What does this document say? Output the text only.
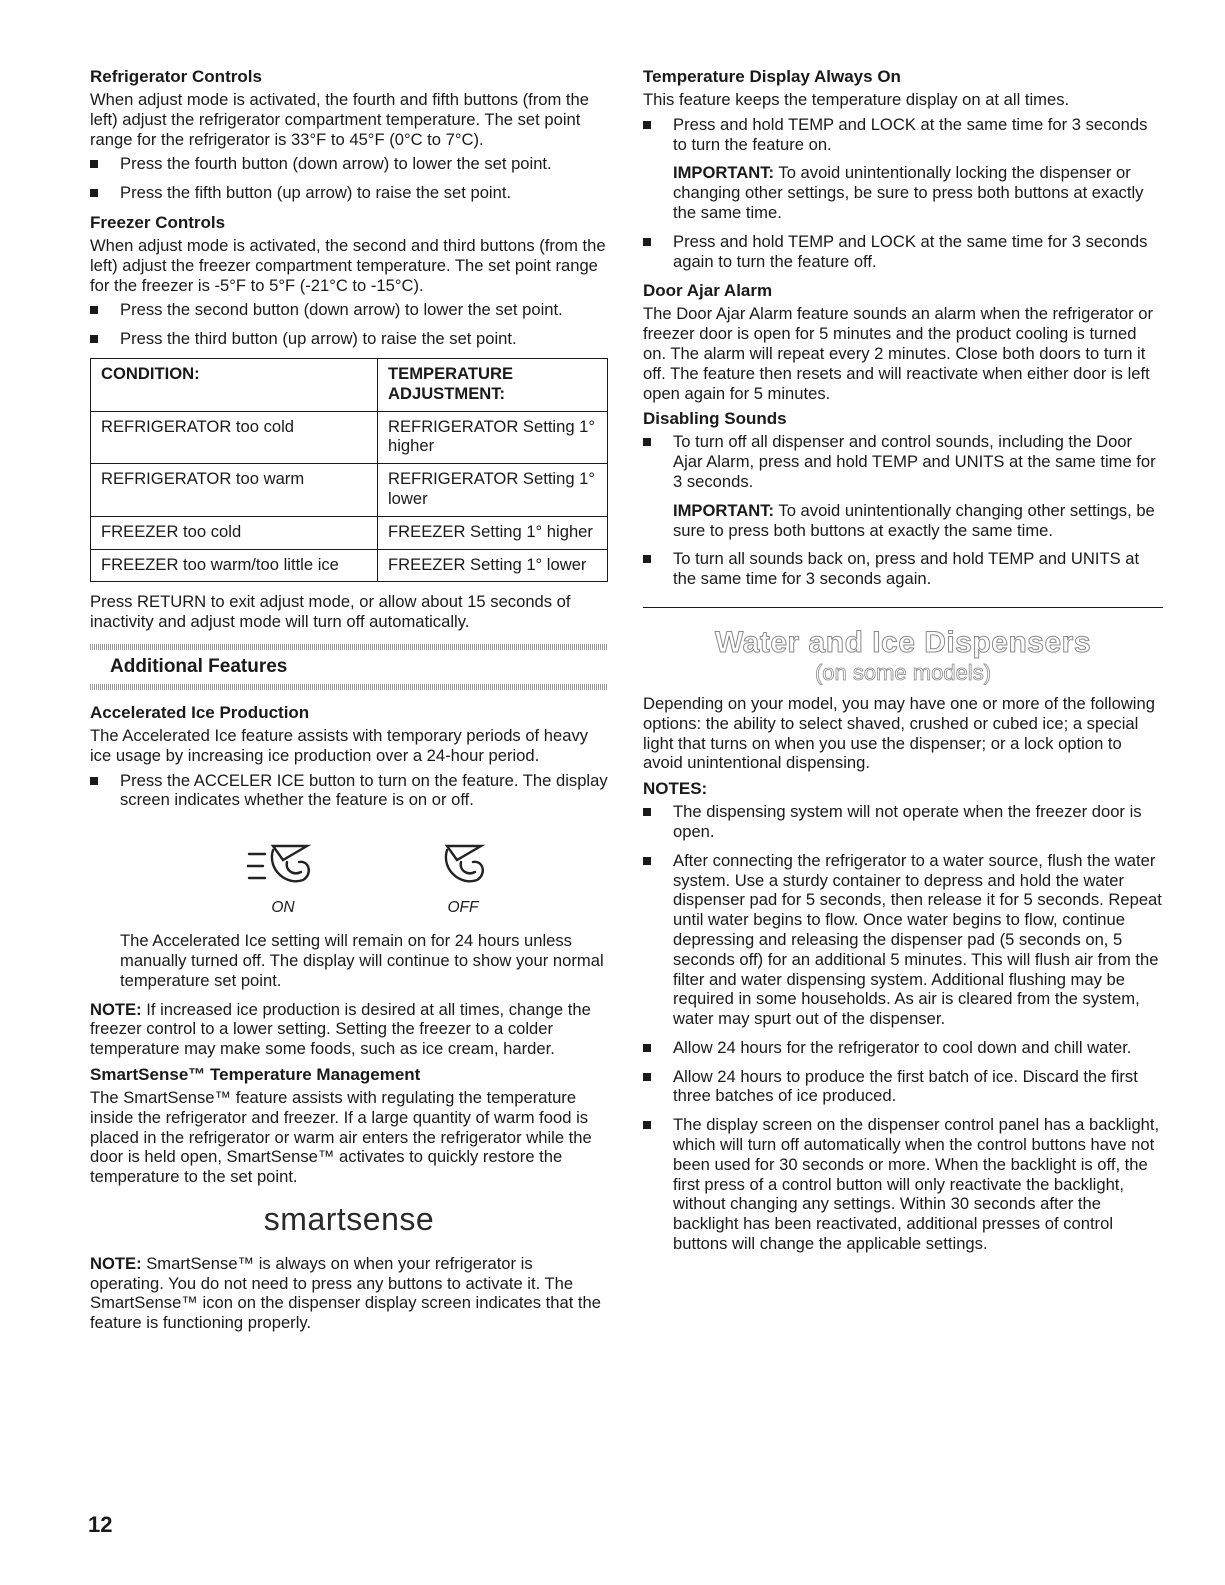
Refrigerator Controls

When adjust mode is activated, the fourth and fifth buttons (from the left) adjust the refrigerator compartment temperature. The set point range for the refrigerator is 33°F to 45°F (0°C to 7°C).

Press the fourth button (down arrow) to lower the set point.
Press the fifth button (up arrow) to raise the set point.
Freezer Controls

When adjust mode is activated, the second and third buttons (from the left) adjust the freezer compartment temperature. The set point range for the freezer is -5°F to 5°F (-21°C to -15°C).

Press the second button (down arrow) to lower the set point.
Press the third button (up arrow) to raise the set point.
CONDITION:	TEMPERATURE ADJUSTMENT:
REFRIGERATOR too cold	REFRIGERATOR Setting 1° higher
REFRIGERATOR too warm	REFRIGERATOR Setting 1° lower
FREEZER too cold	FREEZER Setting 1° higher
FREEZER too warm/too little ice	FREEZER Setting 1° lower

Press RETURN to exit adjust mode, or allow about 15 seconds of inactivity and adjust mode will turn off automatically.

Additional Features
Accelerated Ice Production

The Accelerated Ice feature assists with temporary periods of heavy ice usage by increasing ice production over a 24-hour period.

Press the ACCELER ICE button to turn on the feature. The display screen indicates whether the feature is on or off.
ON	OFF
The Accelerated Ice setting will remain on for 24 hours unless manually turned off. The display will continue to show your normal temperature set point.

NOTE: If increased ice production is desired at all times, change the freezer control to a lower setting. Setting the freezer to a colder temperature may make some foods, such as ice cream, harder.

SmartSense™ Temperature Management

The SmartSense™ feature assists with regulating the temperature inside the refrigerator and freezer. If a large quantity of warm food is placed in the refrigerator or warm air enters the refrigerator while the door is held open, SmartSense™ activates to quickly restore the temperature to the set point.

smartsense

NOTE: SmartSense™ is always on when your refrigerator is operating. You do not need to press any buttons to activate it. The SmartSense™ icon on the dispenser display screen indicates that the feature is functioning properly.

Temperature Display Always On

This feature keeps the temperature display on at all times.

Press and hold TEMP and LOCK at the same time for 3 seconds to turn the feature on.
IMPORTANT: To avoid unintentionally locking the dispenser or changing other settings, be sure to press both buttons at exactly the same time.
Press and hold TEMP and LOCK at the same time for 3 seconds again to turn the feature off.
Door Ajar Alarm

The Door Ajar Alarm feature sounds an alarm when the refrigerator or freezer door is open for 5 minutes and the product cooling is turned on. The alarm will repeat every 2 minutes. Close both doors to turn it off. The feature then resets and will reactivate when either door is left open again for 5 minutes.

Disabling Sounds
To turn off all dispenser and control sounds, including the Door Ajar Alarm, press and hold TEMP and UNITS at the same time for 3 seconds.
IMPORTANT: To avoid unintentionally changing other settings, be sure to press both buttons at exactly the same time.
To turn all sounds back on, press and hold TEMP and UNITS at the same time for 3 seconds again.
Water and Ice Dispensers
(on some models)

Depending on your model, you may have one or more of the following options: the ability to select shaved, crushed or cubed ice; a special light that turns on when you use the dispenser; or a lock option to avoid unintentional dispensing.

NOTES:
The dispensing system will not operate when the freezer door is open.
After connecting the refrigerator to a water source, flush the water system. Use a sturdy container to depress and hold the water dispenser pad for 5 seconds, then release it for 5 seconds. Repeat until water begins to flow. Once water begins to flow, continue depressing and releasing the dispenser pad (5 seconds on, 5 seconds off) for an additional 5 minutes. This will flush air from the filter and water dispensing system. Additional flushing may be required in some households. As air is cleared from the system, water may spurt out of the dispenser.
Allow 24 hours for the refrigerator to cool down and chill water.
Allow 24 hours to produce the first batch of ice. Discard the first three batches of ice produced.
The display screen on the dispenser control panel has a backlight, which will turn off automatically when the control buttons have not been used for 30 seconds or more. When the backlight is off, the first press of a control button will only reactivate the backlight, without changing any settings. Within 30 seconds after the backlight has been reactivated, additional presses of control buttons will change the applicable settings.
12
